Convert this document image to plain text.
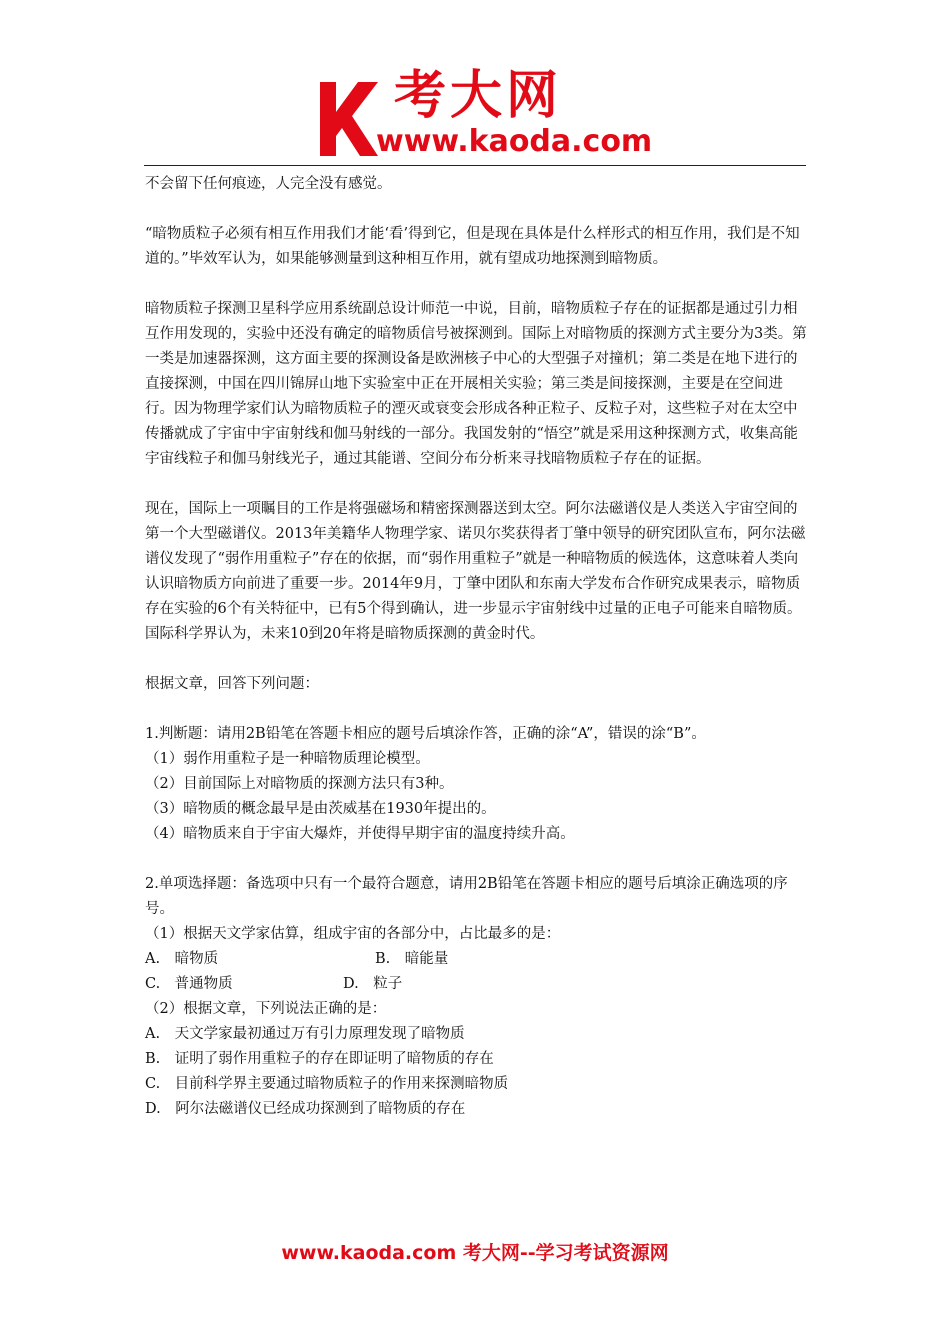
考大网
www.kaoda.com

不会留下任何痕迹，人完全没有感觉。

“暗物质粒子必须有相互作用我们才能‘看’得到它，但是现在具体是什么样形式的相互作用，我们是不知道的。”毕效军认为，如果能够测量到这种相互作用，就有望成功地探测到暗物质。

暗物质粒子探测卫星科学应用系统副总设计师范一中说，目前，暗物质粒子存在的证据都是通过引力相互作用发现的，实验中还没有确定的暗物质信号被探测到。国际上对暗物质的探测方式主要分为3类。第一类是加速器探测，这方面主要的探测设备是欧洲核子中心的大型强子对撞机；第二类是在地下进行的直接探测，中国在四川锦屏山地下实验室中正在开展相关实验；第三类是间接探测，主要是在空间进行。因为物理学家们认为暗物质粒子的湮灭或衰变会形成各种正粒子、反粒子对，这些粒子对在太空中传播就成了宇宙中宇宙射线和伽马射线的一部分。我国发射的“悟空”就是采用这种探测方式，收集高能宇宙线粒子和伽马射线光子，通过其能谱、空间分布分析来寻找暗物质粒子存在的证据。

现在，国际上一项瞩目的工作是将强磁场和精密探测器送到太空。阿尔法磁谱仪是人类送入宇宙空间的第一个大型磁谱仪。2013年美籍华人物理学家、诺贝尔奖获得者丁肇中领导的研究团队宣布，阿尔法磁谱仪发现了“弱作用重粒子”存在的依据，而“弱作用重粒子”就是一种暗物质的候选体，这意味着人类向认识暗物质方向前进了重要一步。2014年9月，丁肇中团队和东南大学发布合作研究成果表示，暗物质存在实验的6个有关特征中，已有5个得到确认，进一步显示宇宙射线中过量的正电子可能来自暗物质。

国际科学界认为，未来10到20年将是暗物质探测的黄金时代。

根据文章，回答下列问题：

1.判断题：请用2B铅笔在答题卡相应的题号后填涂作答，正确的涂“A”，错误的涂“B”。

（1）弱作用重粒子是一种暗物质理论模型。

（2）目前国际上对暗物质的探测方法只有3种。

（3）暗物质的概念最早是由茨威基在1930年提出的。

（4）暗物质来自于宇宙大爆炸，并使得早期宇宙的温度持续升高。

2.单项选择题：备选项中只有一个最符合题意，请用2B铅笔在答题卡相应的题号后填涂正确选项的序号。

（1）根据天文学家估算，组成宇宙的各部分中，占比最多的是：

A.　暗物质	B.　暗能量
C.　普通物质	D.　粒子

（2）根据文章，下列说法正确的是：

A.　天文学家最初通过万有引力原理发现了暗物质

B.　证明了弱作用重粒子的存在即证明了暗物质的存在

C.　目前科学界主要通过暗物质粒子的作用来探测暗物质

D.　阿尔法磁谱仪已经成功探测到了暗物质的存在

www.kaoda.com 考大网--学习考试资源网
